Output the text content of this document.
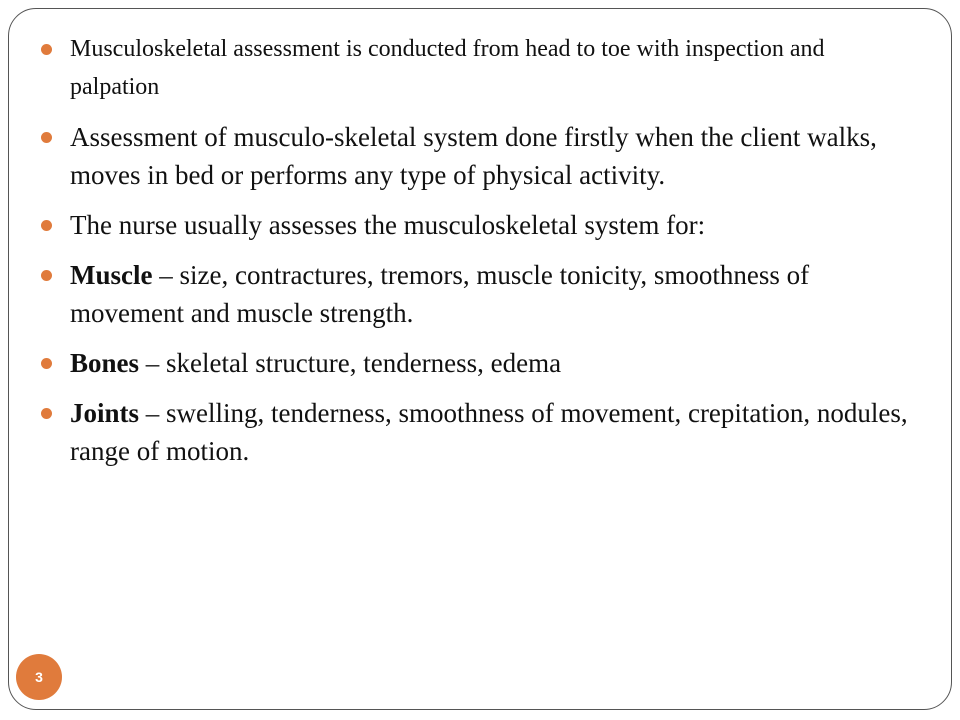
Musculoskeletal assessment is conducted from head to toe with inspection and palpation
Assessment of musculo-skeletal system done firstly when the client walks, moves in bed or performs any type of physical activity.
The nurse usually assesses the musculoskeletal system for:
Muscle – size, contractures, tremors, muscle tonicity, smoothness of movement and muscle strength.
Bones – skeletal structure, tenderness, edema
Joints – swelling, tenderness, smoothness of movement, crepitation, nodules, range of motion.
3
